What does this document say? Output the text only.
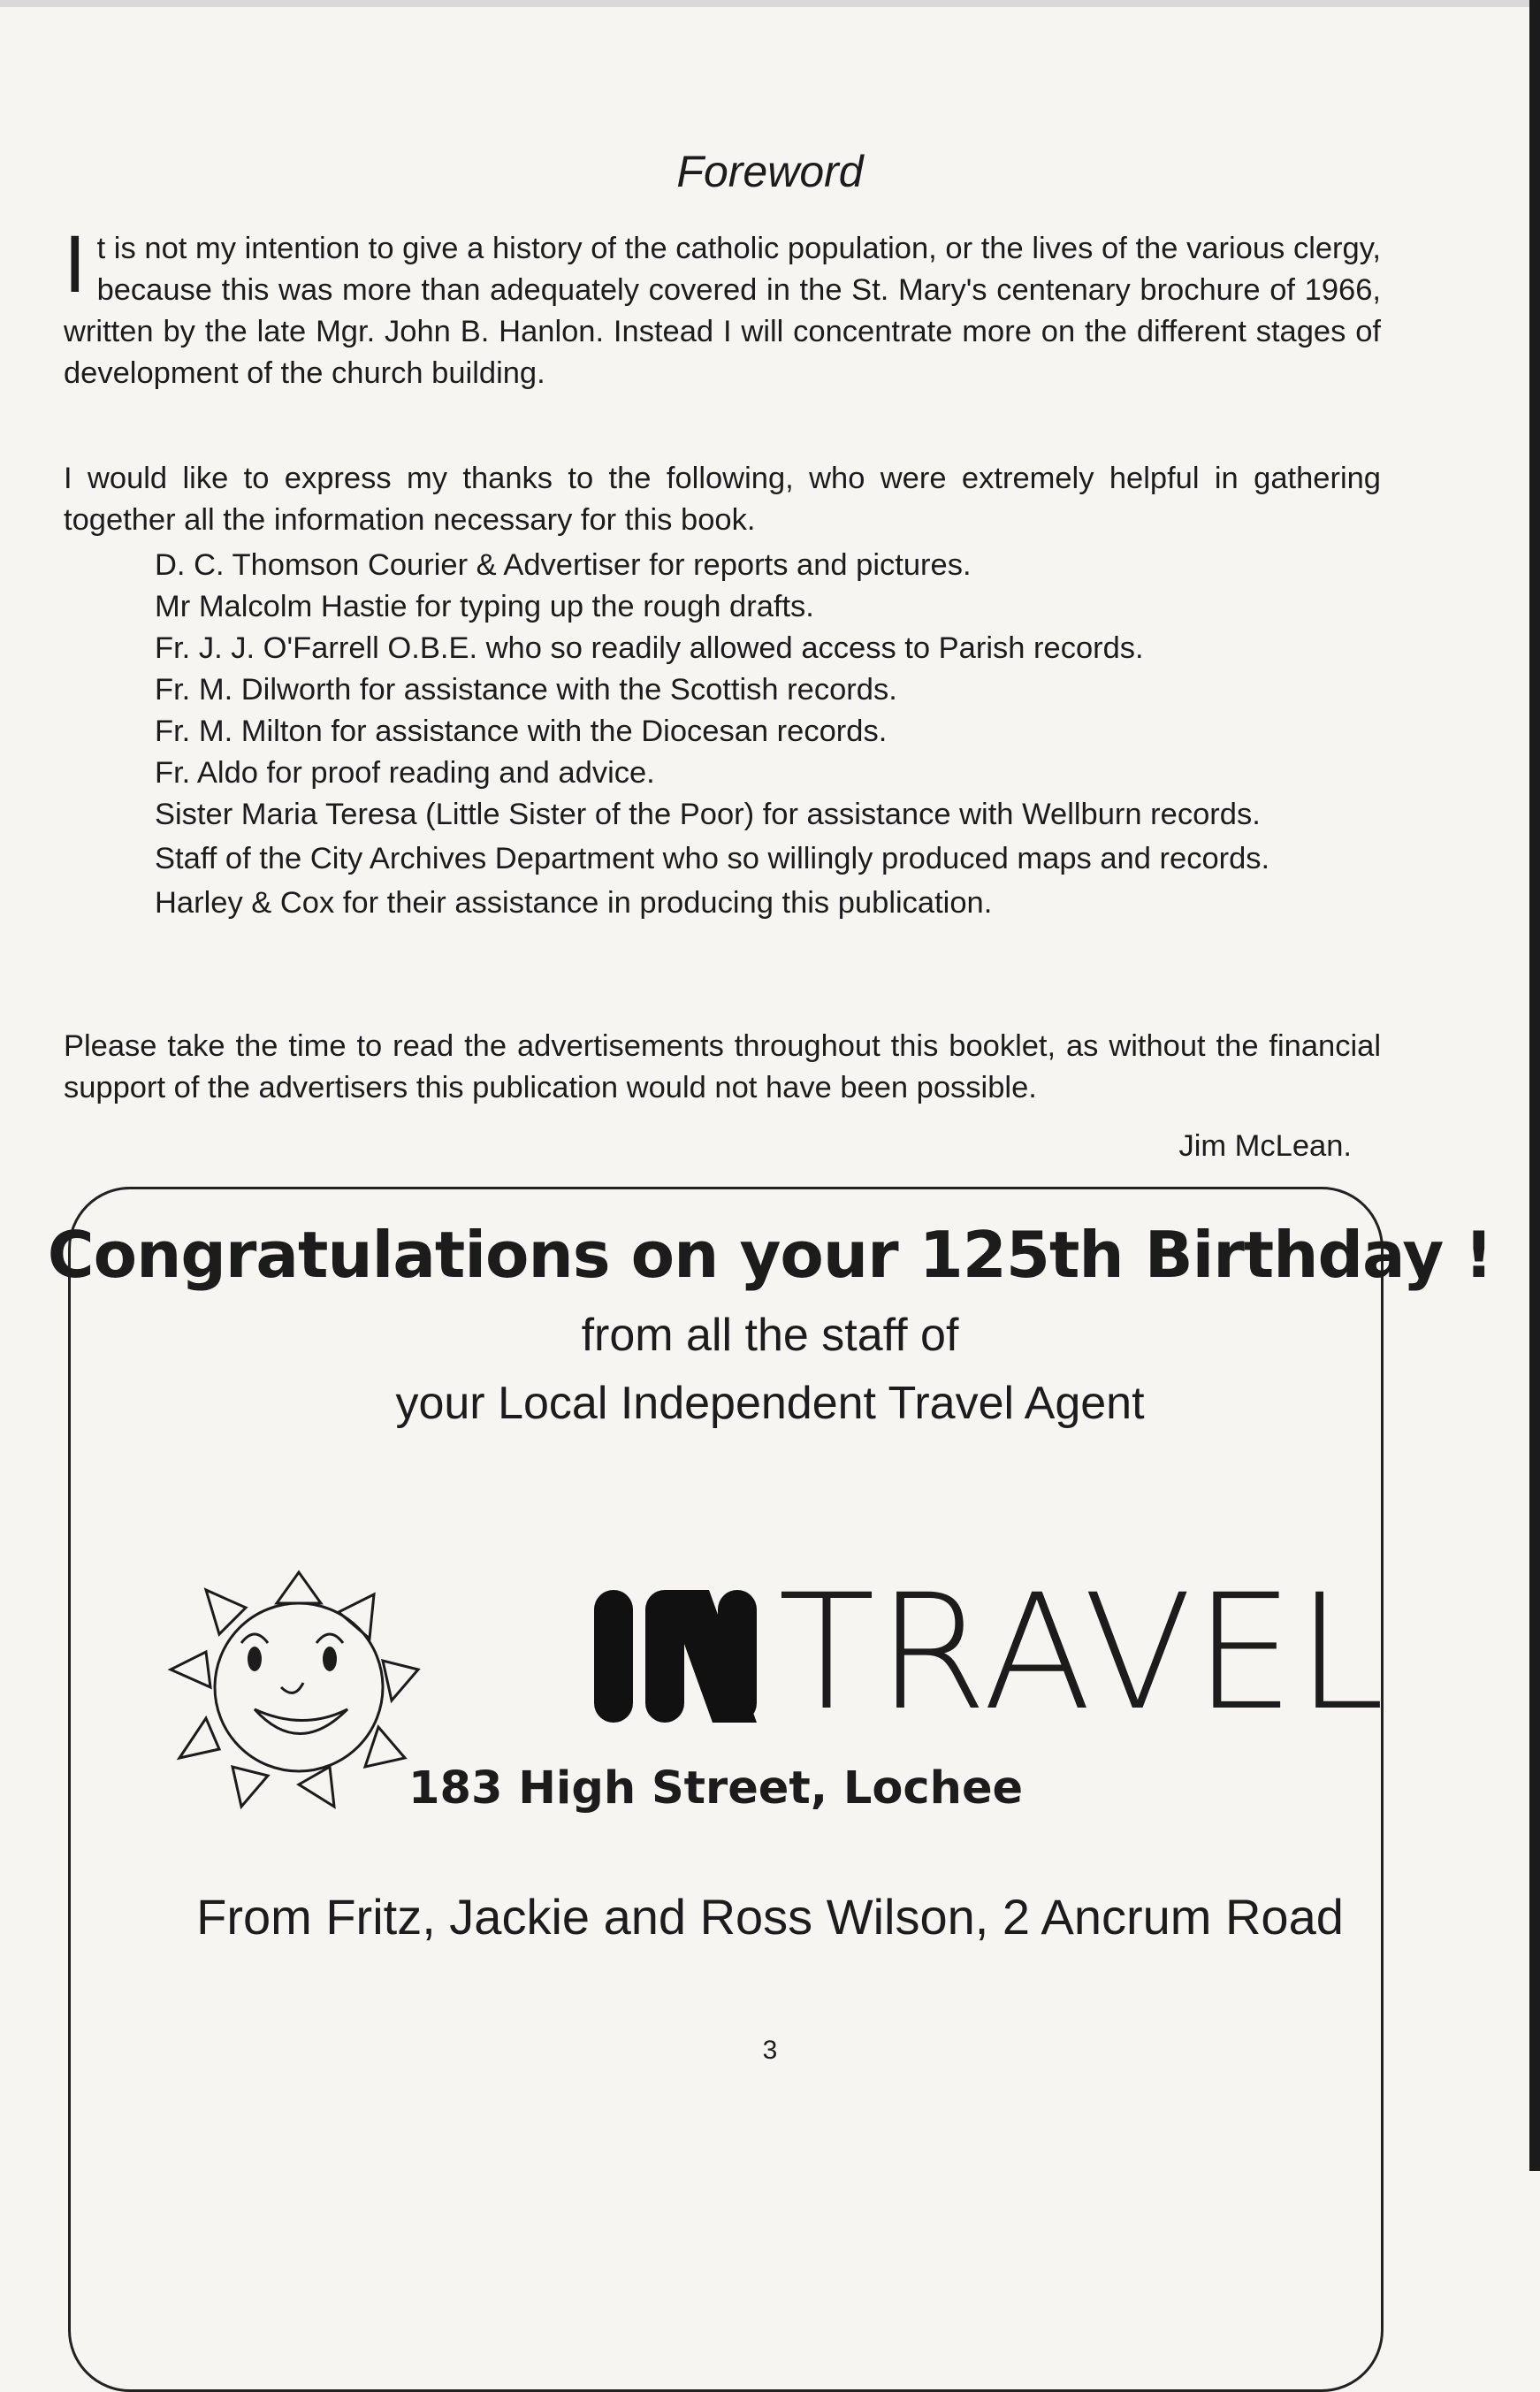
Foreword

It is not my intention to give a history of the catholic population, or the lives of the various clergy, because this was more than adequately covered in the St. Mary's centenary brochure of 1966, written by the late Mgr. John B. Hanlon. Instead I will concentrate more on the different stages of development of the church building.

I would like to express my thanks to the following, who were extremely helpful in gathering together all the information necessary for this book.

D. C. Thomson Courier & Advertiser for reports and pictures.
Mr Malcolm Hastie for typing up the rough drafts.
Fr. J. J. O'Farrell O.B.E. who so readily allowed access to Parish records.
Fr. M. Dilworth for assistance with the Scottish records.
Fr. M. Milton for assistance with the Diocesan records.
Fr. Aldo for proof reading and advice.
Sister Maria Teresa (Little Sister of the Poor) for assistance with Wellburn records.
Staff of the City Archives Department who so willingly produced maps and records.
Harley & Cox for their assistance in producing this publication.

Please take the time to read the advertisements throughout this booklet, as without the financial support of the advertisers this publication would not have been possible.

Jim McLean.
Congratulations on your 125th Birthday !
from all the staff of
your Local Independent Travel Agent
TRAVEL
183 High Street, Lochee
From Fritz, Jackie and Ross Wilson, 2 Ancrum Road
3
